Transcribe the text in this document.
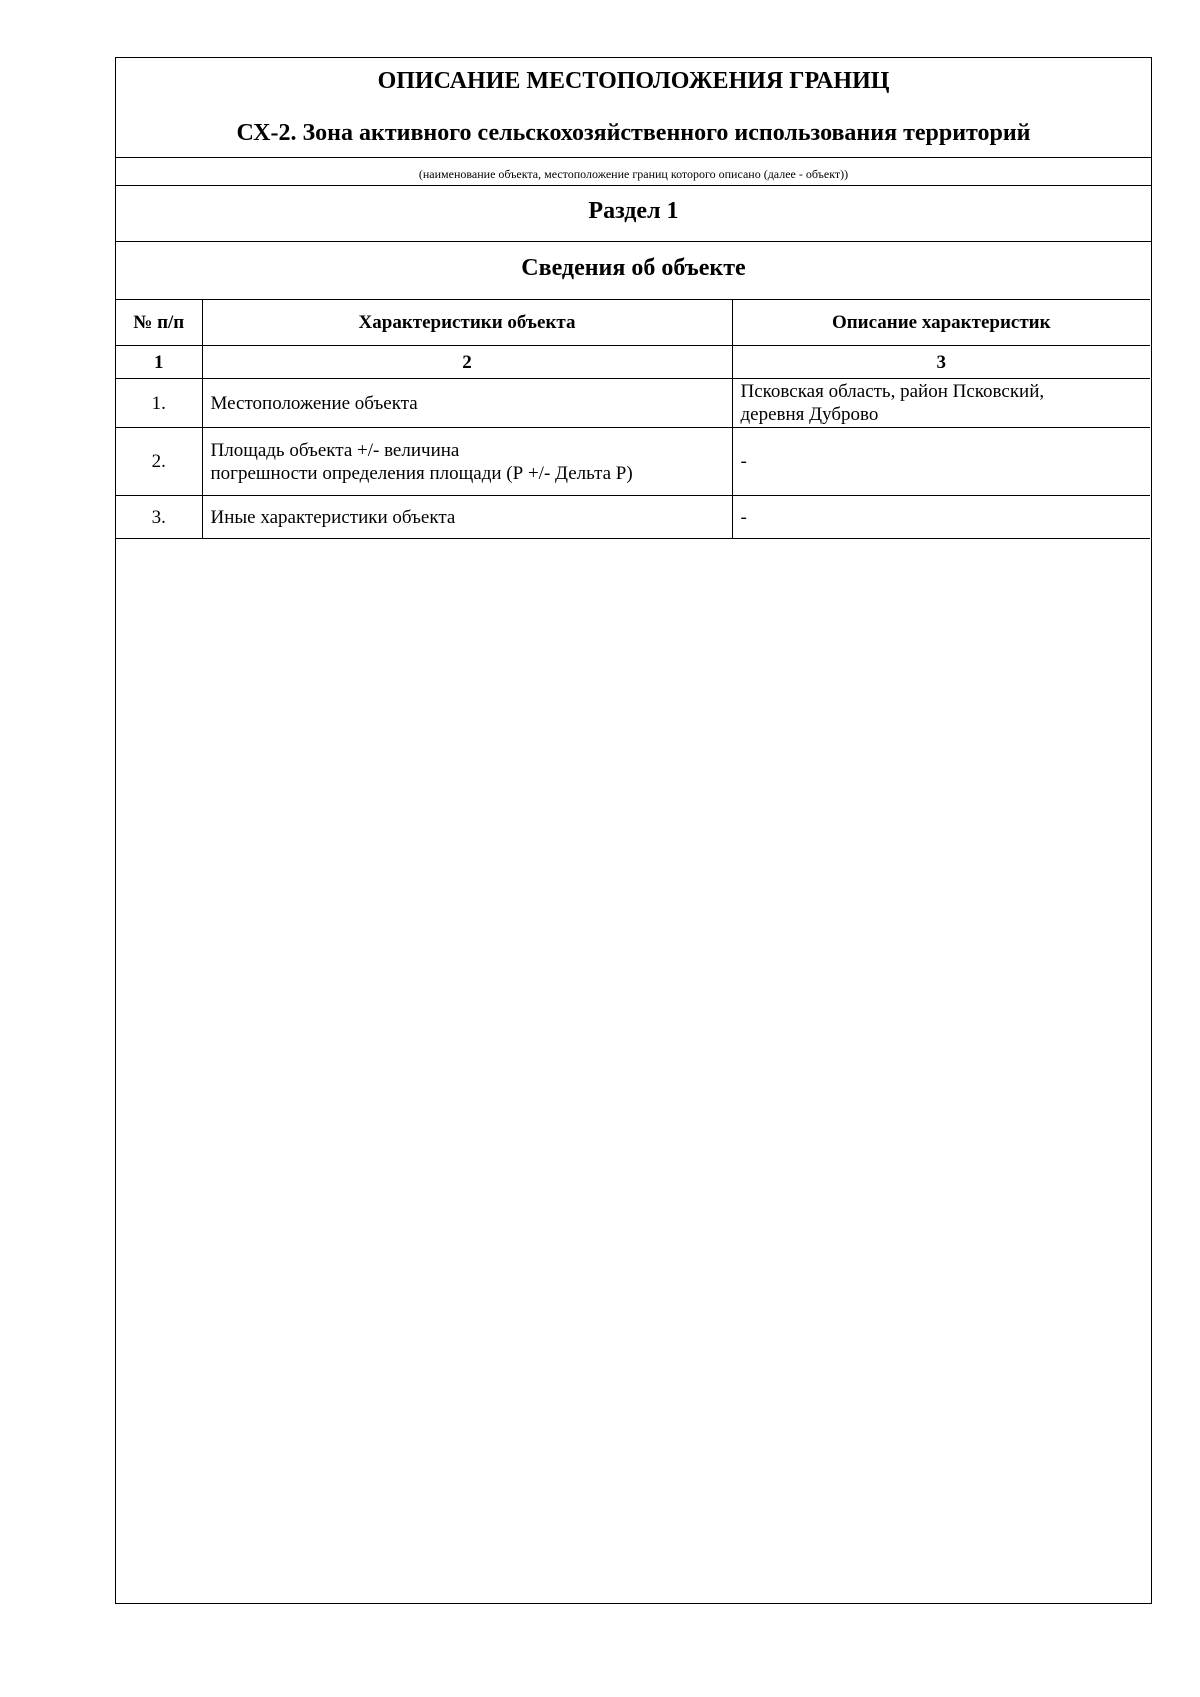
ОПИСАНИЕ МЕСТОПОЛОЖЕНИЯ ГРАНИЦ
СХ-2. Зона активного сельскохозяйственного использования территорий
(наименование объекта, местоположение границ которого описано (далее - объект))
Раздел 1
Сведения об объекте
№ п/п	Характеристики объекта	Описание характеристик
1	2	3
1.	Местоположение объекта	Псковская область, район Псковский,
деревня Дуброво

2.	Площадь объекта +/- величина
погрешности определения площади (Р +/- Дельта Р)	-
3.	Иные характеристики объекта	-
